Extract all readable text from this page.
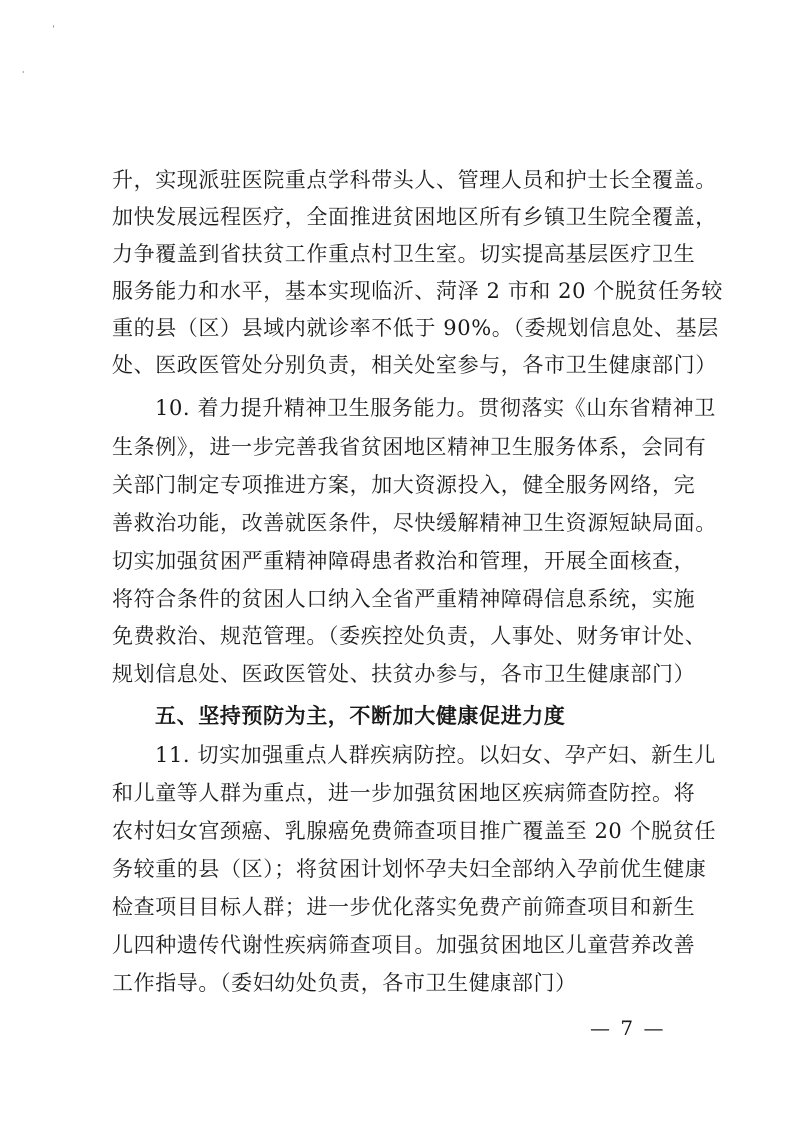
ʼ
ˌ
升，实现派驻医院重点学科带头人、管理人员和护士长全覆盖。
加快发展远程医疗，全面推进贫困地区所有乡镇卫生院全覆盖，
力争覆盖到省扶贫工作重点村卫生室。切实提高基层医疗卫生
服务能力和水平，基本实现临沂、菏泽 2 市和 20 个脱贫任务较
重的县（区）县域内就诊率不低于 90%。（委规划信息处、基层
处、医政医管处分别负责，相关处室参与，各市卫生健康部门）
10. 着力提升精神卫生服务能力。贯彻落实《山东省精神卫
生条例》，进一步完善我省贫困地区精神卫生服务体系，会同有
关部门制定专项推进方案，加大资源投入，健全服务网络，完
善救治功能，改善就医条件，尽快缓解精神卫生资源短缺局面。
切实加强贫困严重精神障碍患者救治和管理，开展全面核查，
将符合条件的贫困人口纳入全省严重精神障碍信息系统，实施
免费救治、规范管理。（委疾控处负责，人事处、财务审计处、
规划信息处、医政医管处、扶贫办参与，各市卫生健康部门）
五、坚持预防为主，不断加大健康促进力度
11. 切实加强重点人群疾病防控。以妇女、孕产妇、新生儿
和儿童等人群为重点，进一步加强贫困地区疾病筛查防控。将
农村妇女宫颈癌、乳腺癌免费筛查项目推广覆盖至 20 个脱贫任
务较重的县（区）；将贫困计划怀孕夫妇全部纳入孕前优生健康
检查项目目标人群；进一步优化落实免费产前筛查项目和新生
儿四种遗传代谢性疾病筛查项目。加强贫困地区儿童营养改善
工作指导。（委妇幼处负责，各市卫生健康部门）
— 7 —
